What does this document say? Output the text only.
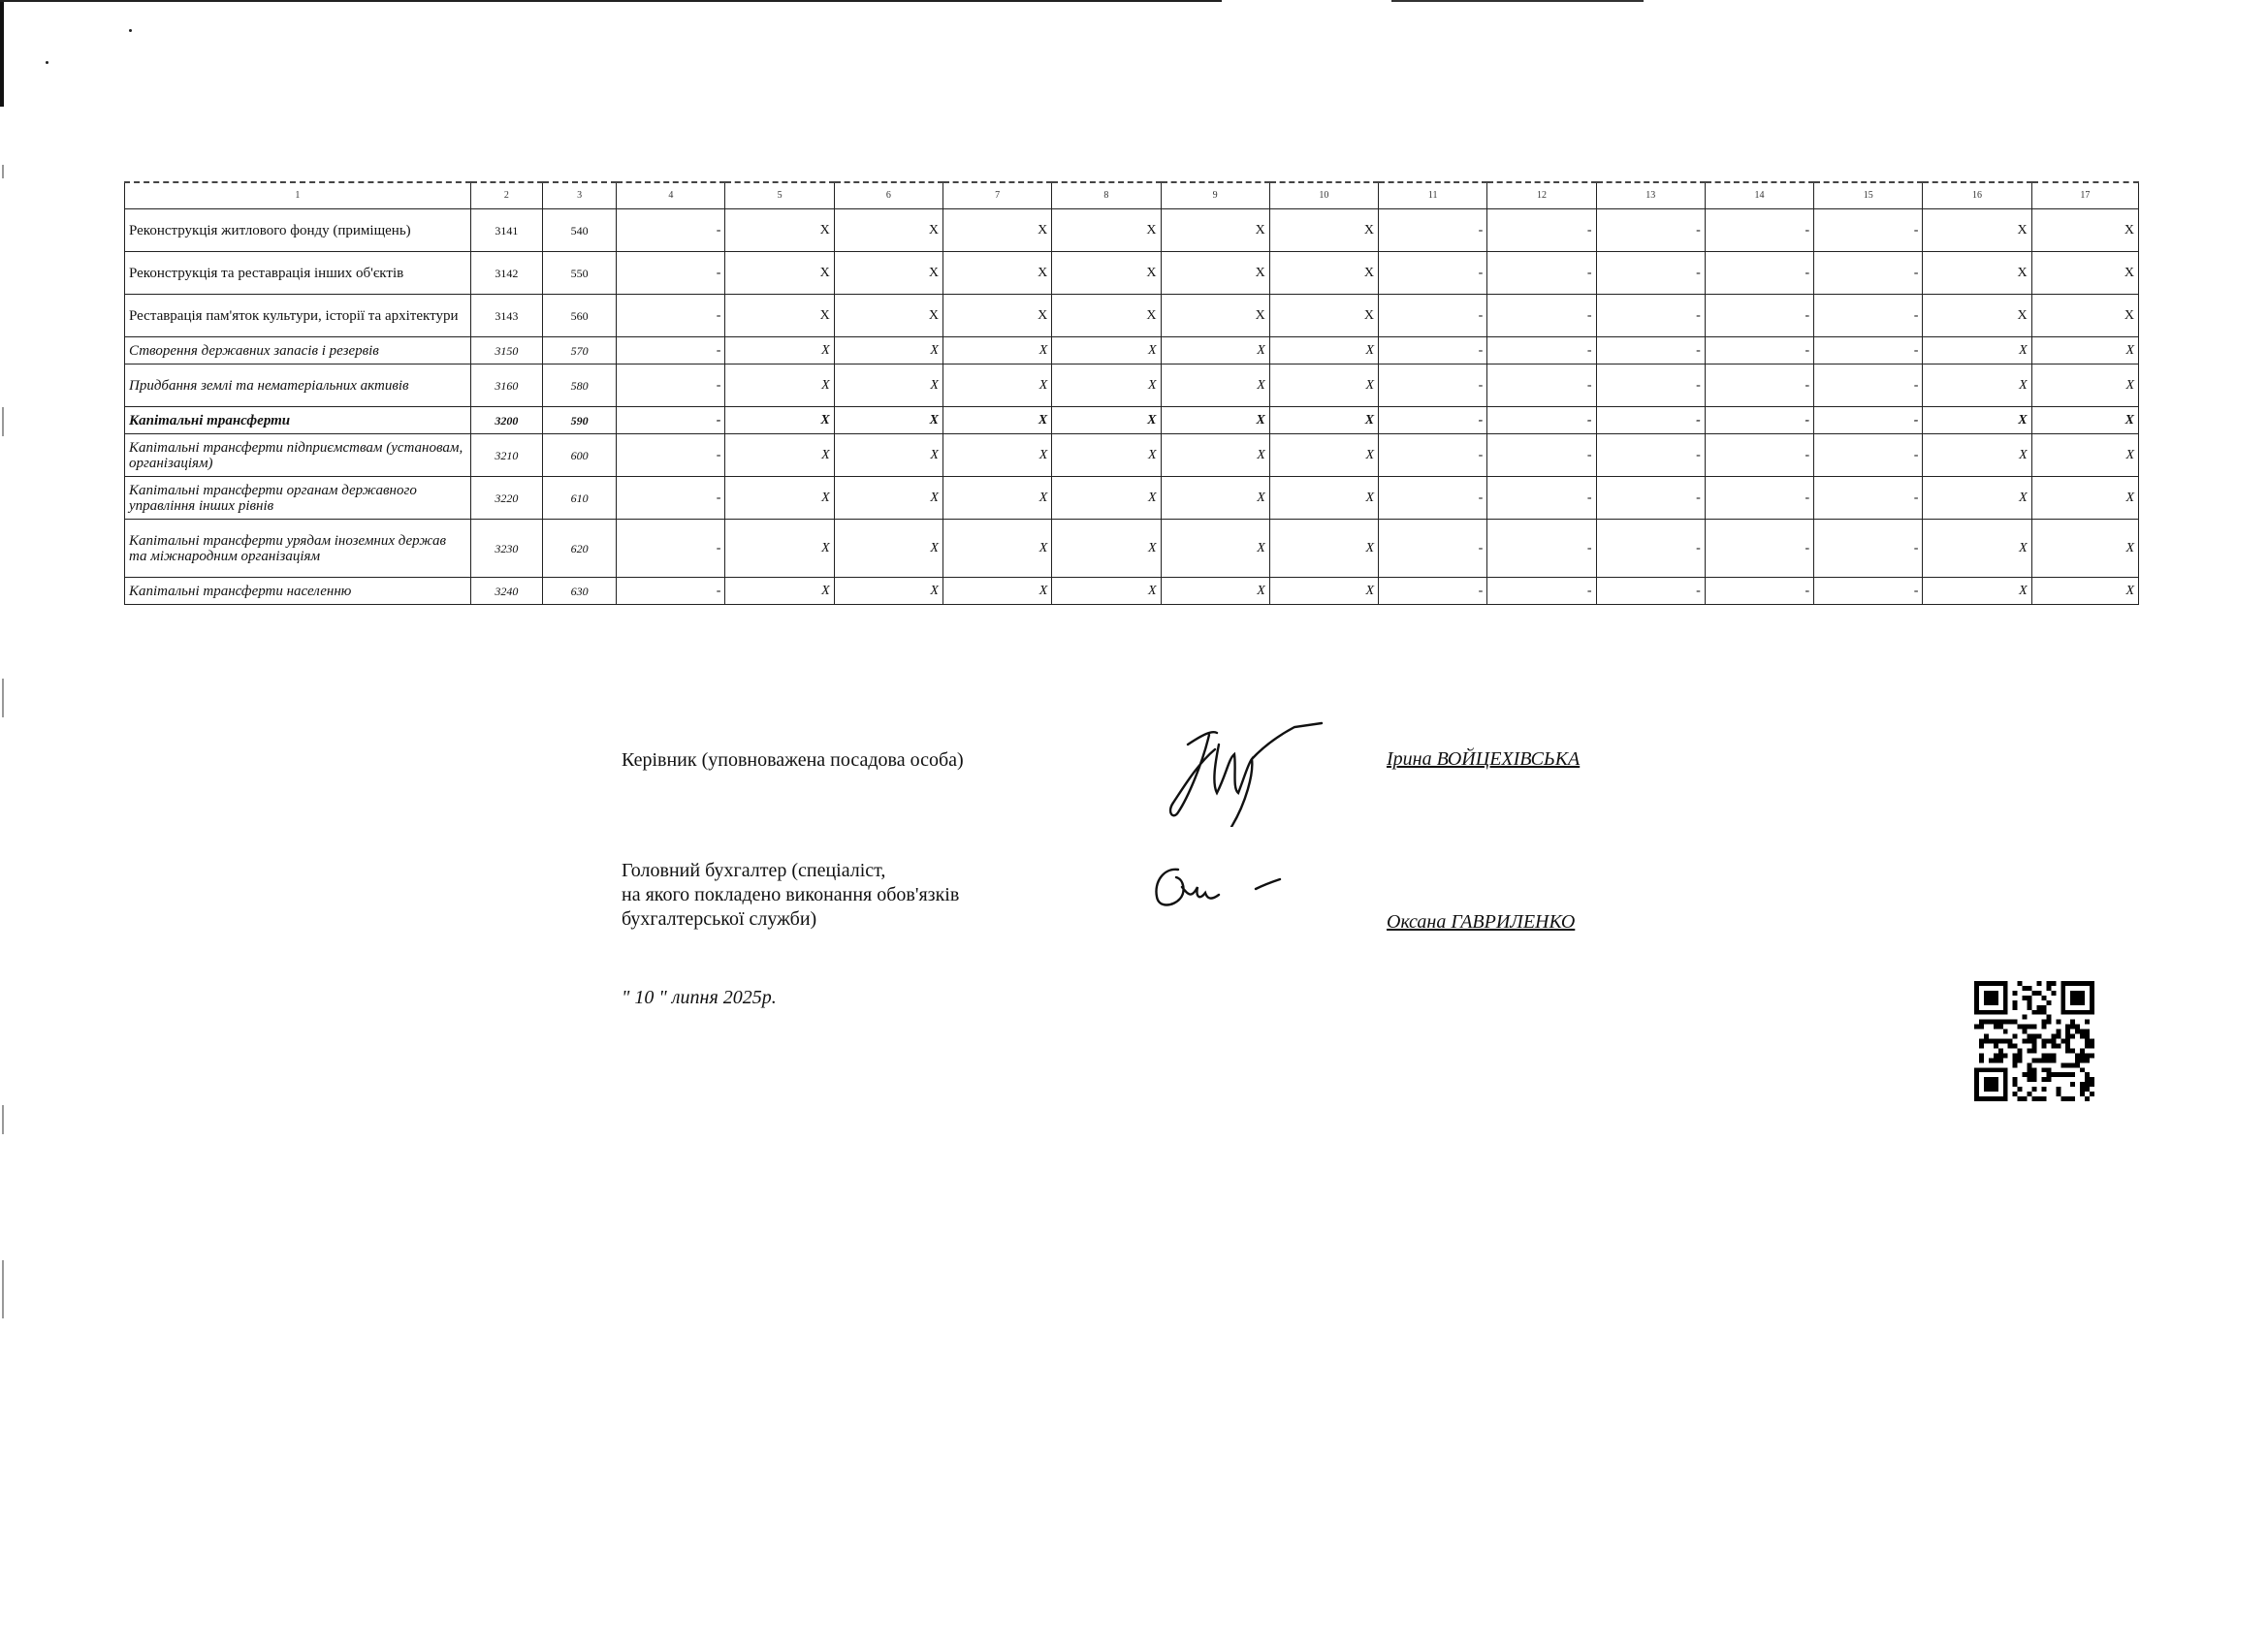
1	2	3	4	5	6	7	8	9	10	11	12	13	14	15	16	17
Реконструкція житлового фонду (приміщень)	3141	540	-	X	X	X	X	X	X	-	-	-	-	-	X	X
Реконструкція та реставрація інших об'єктів	3142	550	-	X	X	X	X	X	X	-	-	-	-	-	X	X
Реставрація пам'яток культури, історії та архітектури	3143	560	-	X	X	X	X	X	X	-	-	-	-	-	X	X
Створення державних запасів і резервів	3150	570	-	X	X	X	X	X	X	-	-	-	-	-	X	X
Придбання землі та нематеріальних активів	3160	580	-	X	X	X	X	X	X	-	-	-	-	-	X	X
Капітальні трансферти	3200	590	-	X	X	X	X	X	X	-	-	-	-	-	X	X
Капітальні трансферти підприємствам (установам, організаціям)	3210	600	-	X	X	X	X	X	X	-	-	-	-	-	X	X
Капітальні трансферти органам державного управління інших рівнів	3220	610	-	X	X	X	X	X	X	-	-	-	-	-	X	X
Капітальні трансферти урядам іноземних держав та міжнародним організаціям	3230	620	-	X	X	X	X	X	X	-	-	-	-	-	X	X
Капітальні трансферти населенню	3240	630	-	X	X	X	X	X	X	-	-	-	-	-	X	X
Керівник (уповноважена посадова особа)	Ірина ВОЙЦЕХІВСЬКА
Головний бухгалтер (спеціаліст,
на якого покладено виконання обов'язків
бухгалтерської служби)	Оксана ГАВРИЛЕНКО
" 10 " липня 2025р.
